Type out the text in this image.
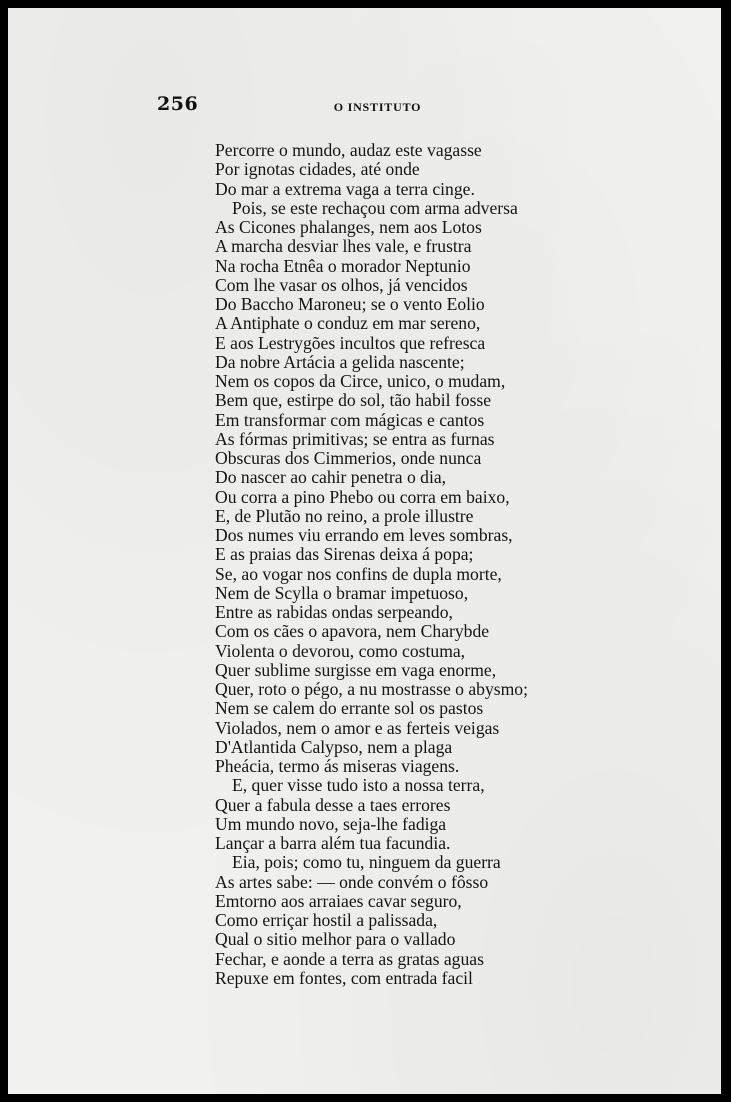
256	O INSTITUTO
Percorre o mundo, audaz este vagasse
Por ignotas cidades, até onde
Do mar a extrema vaga a terra cinge.
Pois, se este rechaçou com arma adversa
As Cicones phalanges, nem aos Lotos
A marcha desviar lhes vale, e frustra
Na rocha Etnêa o morador Neptunio
Com lhe vasar os olhos, já vencidos
Do Baccho Maroneu; se o vento Eolio
A Antiphate o conduz em mar sereno,
E aos Lestrygões incultos que refresca
Da nobre Artácia a gelida nascente;
Nem os copos da Circe, unico, o mudam,
Bem que, estirpe do sol, tão habil fosse
Em transformar com mágicas e cantos
As fórmas primitivas; se entra as furnas
Obscuras dos Cimmerios, onde nunca
Do nascer ao cahir penetra o dia,
Ou corra a pino Phebo ou corra em baixo,
E, de Plutão no reino, a prole illustre
Dos numes viu errando em leves sombras,
E as praias das Sirenas deixa á popa;
Se, ao vogar nos confins de dupla morte,
Nem de Scylla o bramar impetuoso,
Entre as rabidas ondas serpeando,
Com os cães o apavora, nem Charybde
Violenta o devorou, como costuma,
Quer sublime surgisse em vaga enorme,
Quer, roto o pégo, a nu mostrasse o abysmo;
Nem se calem do errante sol os pastos
Violados, nem o amor e as ferteis veigas
D'Atlantida Calypso, nem a plaga
Pheácia, termo ás miseras viagens.
E, quer visse tudo isto a nossa terra,
Quer a fabula desse a taes errores
Um mundo novo, seja-lhe fadiga
Lançar a barra além tua facundia.
Eia, pois; como tu, ninguem da guerra
As artes sabe: — onde convém o fôsso
Emtorno aos arraiaes cavar seguro,
Como erriçar hostil a palissada,
Qual o sitio melhor para o vallado
Fechar, e aonde a terra as gratas aguas
Repuxe em fontes, com entrada facil
